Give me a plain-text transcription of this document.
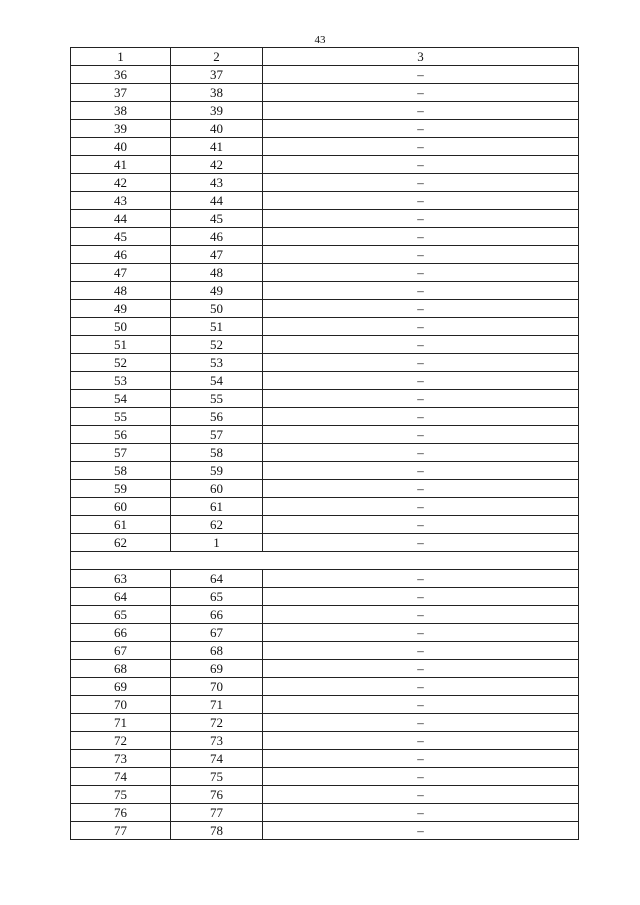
43
1	2	3
36	37	–
37	38	–
38	39	–
39	40	–
40	41	–
41	42	–
42	43	–
43	44	–
44	45	–
45	46	–
46	47	–
47	48	–
48	49	–
49	50	–
50	51	–
51	52	–
52	53	–
53	54	–
54	55	–
55	56	–
56	57	–
57	58	–
58	59	–
59	60	–
60	61	–
61	62	–
62	1	–

63	64	–
64	65	–
65	66	–
66	67	–
67	68	–
68	69	–
69	70	–
70	71	–
71	72	–
72	73	–
73	74	–
74	75	–
75	76	–
76	77	–
77	78	–
